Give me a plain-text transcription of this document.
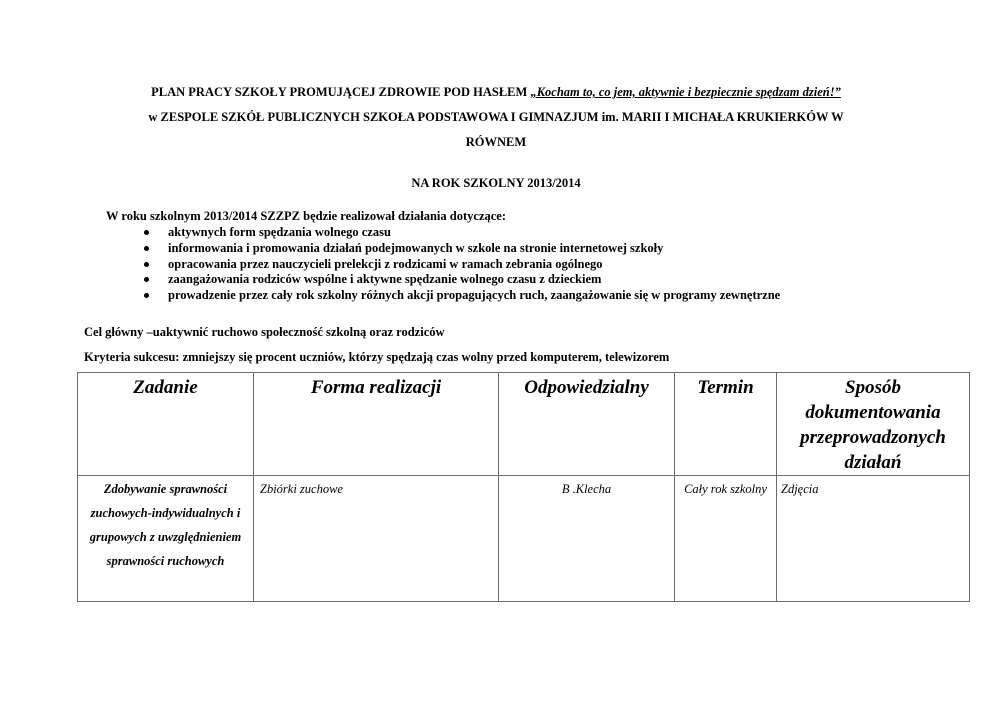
PLAN PRACY SZKOŁY PROMUJĄCEJ ZDROWIE POD HASŁEM „Kocham to, co jem, aktywnie i bezpiecznie spędzam dzień!”
w ZESPOLE SZKÓŁ PUBLICZNYCH SZKOŁA PODSTAWOWA I GIMNAZJUM im. MARII I MICHAŁA KRUKIERKÓW W
RÓWNEM
NA ROK SZKOLNY 2013/2014
W roku szkolnym 2013/2014 SZZPZ będzie realizował działania dotyczące:
aktywnych form spędzania wolnego czasu
informowania i promowania działań podejmowanych w szkole na stronie internetowej szkoły
opracowania przez nauczycieli prelekcji z rodzicami w ramach zebrania ogólnego
zaangażowania rodziców wspólne i aktywne spędzanie wolnego czasu z dzieckiem
prowadzenie przez cały rok szkolny różnych akcji propagujących ruch, zaangażowanie się w programy zewnętrzne
Cel główny –uaktywnić ruchowo społeczność szkolną oraz rodziców
Kryteria sukcesu: zmniejszy się procent uczniów, którzy spędzają czas wolny przed komputerem, telewizorem
Zadanie	Forma realizacji	Odpowiedzialny	Termin	Sposób dokumentowania przeprowadzonych działań
Zdobywanie sprawności zuchowych-indywidualnych i grupowych z uwzględnieniem sprawności ruchowych	Zbiórki zuchowe	B .Klecha	Cały rok szkolny	Zdjęcia
